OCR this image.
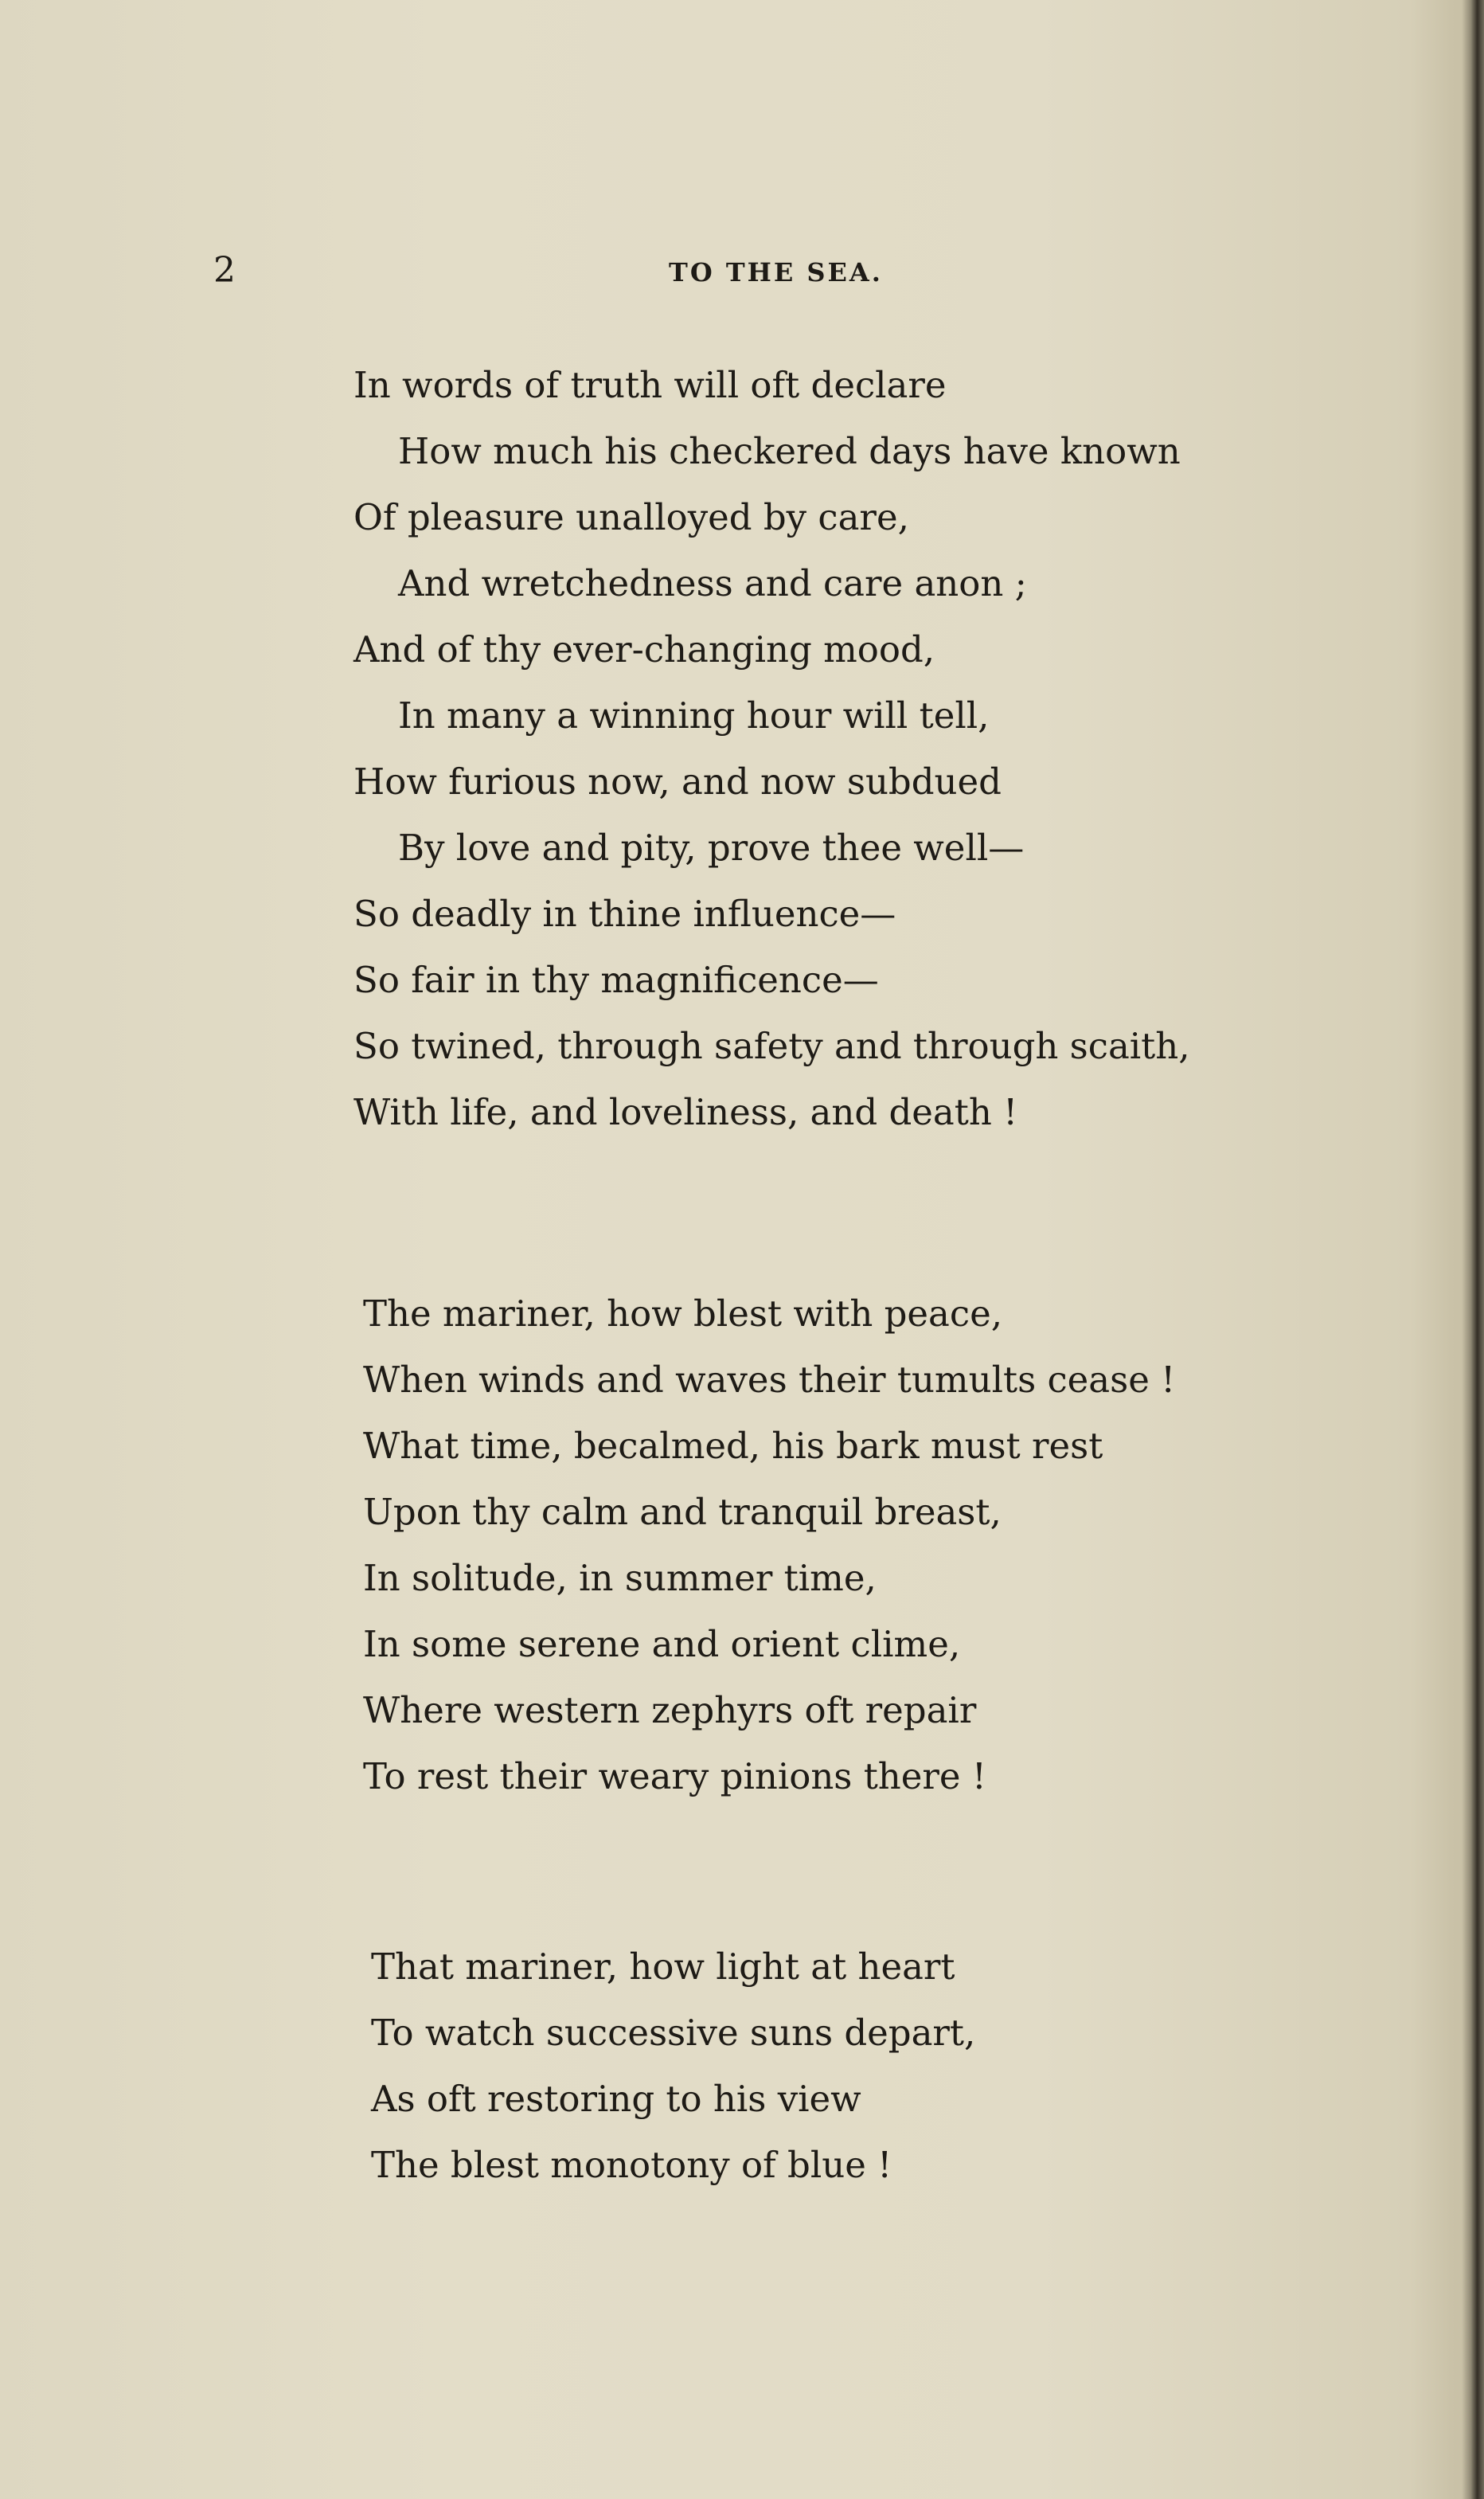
2	TO THE SEA.
In words of truth will oft declare
How much his checkered days have known
Of pleasure unalloyed by care,
And wretchedness and care anon ;
And of thy ever-changing mood,
In many a winning hour will tell,
How furious now, and now subdued
By love and pity, prove thee well—
So deadly in thine influence—
So fair in thy magnificence—
So twined, through safety and through scaith,
With life, and loveliness, and death !
The mariner, how blest with peace,
When winds and waves their tumults cease !
What time, becalmed, his bark must rest
Upon thy calm and tranquil breast,
In solitude, in summer time,
In some serene and orient clime,
Where western zephyrs oft repair
To rest their weary pinions there !
That mariner, how light at heart
To watch successive suns depart,
As oft restoring to his view
The blest monotony of blue !
